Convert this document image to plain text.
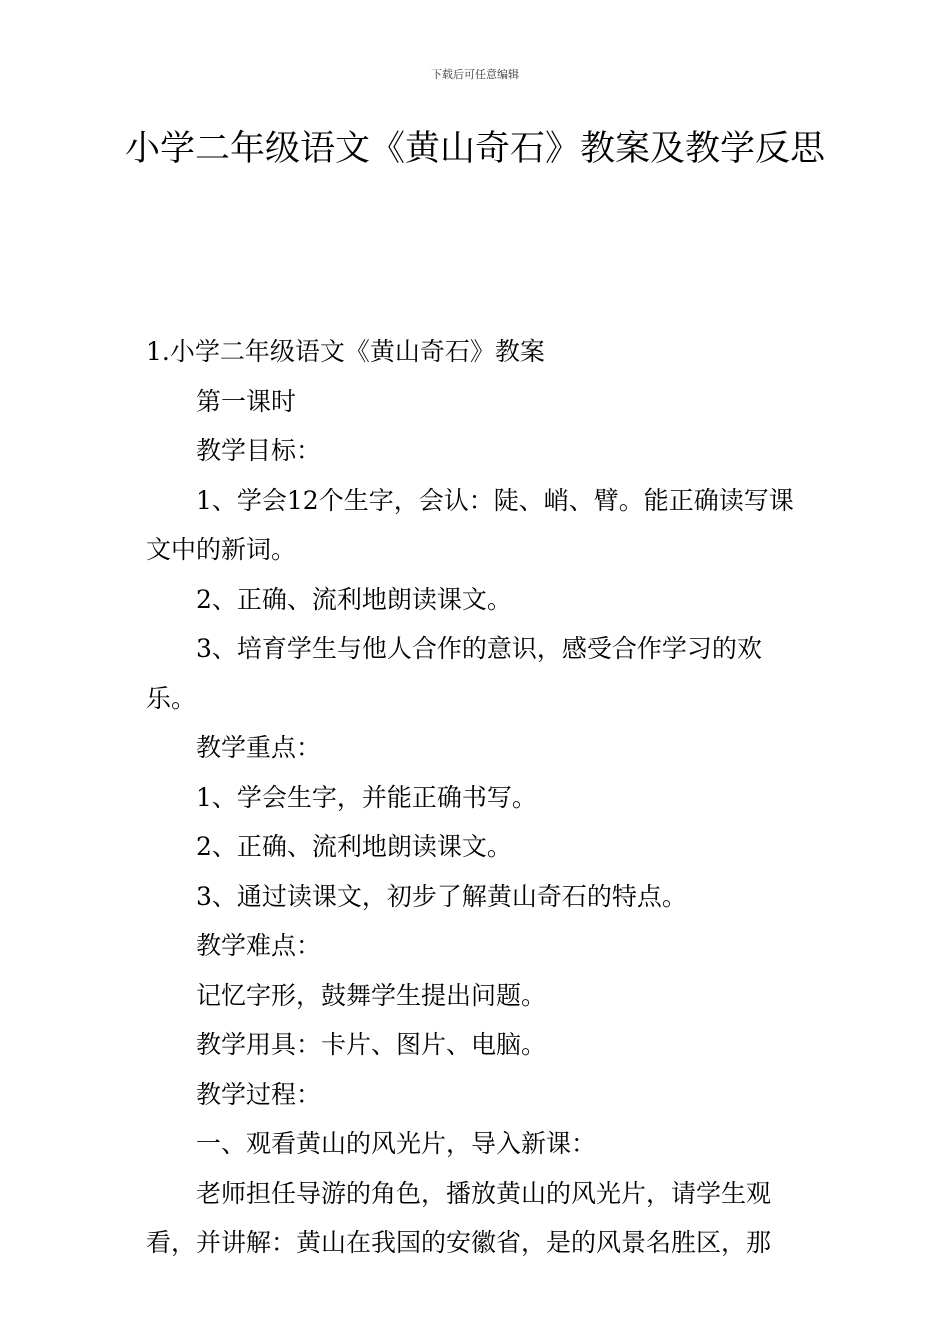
下载后可任意编辑
小学二年级语文《黄山奇石》教案及教学反思

1.小学二年级语文《黄山奇石》教案

第一课时

教学目标：

1、学会12个生字，会认：陡、峭、臂。能正确读写课文中的新词。

2、正确、流利地朗读课文。

3、培育学生与他人合作的意识，感受合作学习的欢乐。

教学重点：

1、学会生字，并能正确书写。

2、正确、流利地朗读课文。

3、通过读课文，初步了解黄山奇石的特点。

教学难点：

记忆字形，鼓舞学生提出问题。

教学用具：卡片、图片、电脑。

教学过程：

一、观看黄山的风光片，导入新课：

老师担任导游的角色，播放黄山的风光片，请学生观看，并讲解：黄山在我国的安徽省，是的风景名胜区，那
